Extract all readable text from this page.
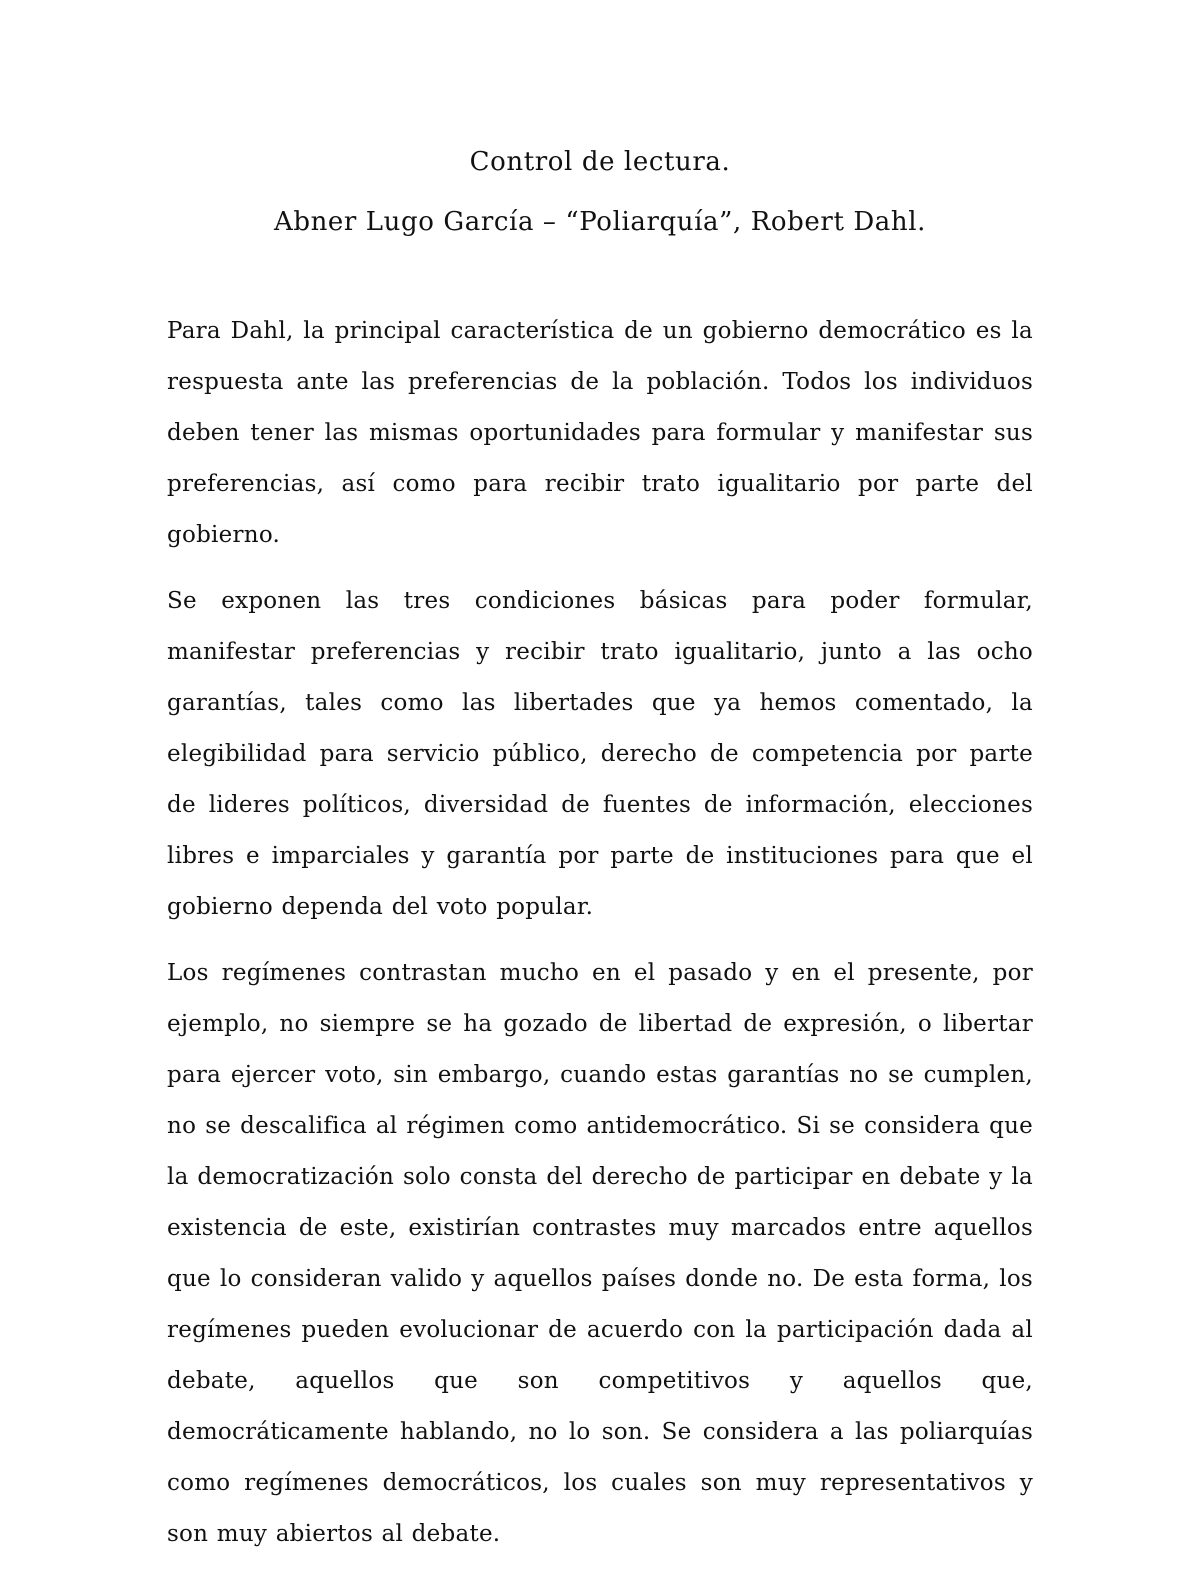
Control de lectura.
Abner Lugo García – “Poliarquía”, Robert Dahl.

Para Dahl, la principal característica de un gobierno democrático es la respuesta ante las preferencias de la población. Todos los individuos deben tener las mismas oportunidades para formular y manifestar sus preferencias, así como para recibir trato igualitario por parte del gobierno.

Se exponen las tres condiciones básicas para poder formular, manifestar preferencias y recibir trato igualitario, junto a las ocho garantías, tales como las libertades que ya hemos comentado, la elegibilidad para servicio público, derecho de competencia por parte de lideres políticos, diversidad de fuentes de información, elecciones libres e imparciales y garantía por parte de instituciones para que el gobierno dependa del voto popular.

Los regímenes contrastan mucho en el pasado y en el presente, por ejemplo, no siempre se ha gozado de libertad de expresión, o libertar para ejercer voto, sin embargo, cuando estas garantías no se cumplen, no se descalifica al régimen como antidemocrático. Si se considera que la democratización solo consta del derecho de participar en debate y la existencia de este, existirían contrastes muy marcados entre aquellos que lo consideran valido y aquellos países donde no. De esta forma, los regímenes pueden evolucionar de acuerdo con la participación dada al debate, aquellos que son competitivos y aquellos que, democráticamente hablando, no lo son. Se considera a las poliarquías como regímenes democráticos, los cuales son muy representativos y son muy abiertos al debate.
